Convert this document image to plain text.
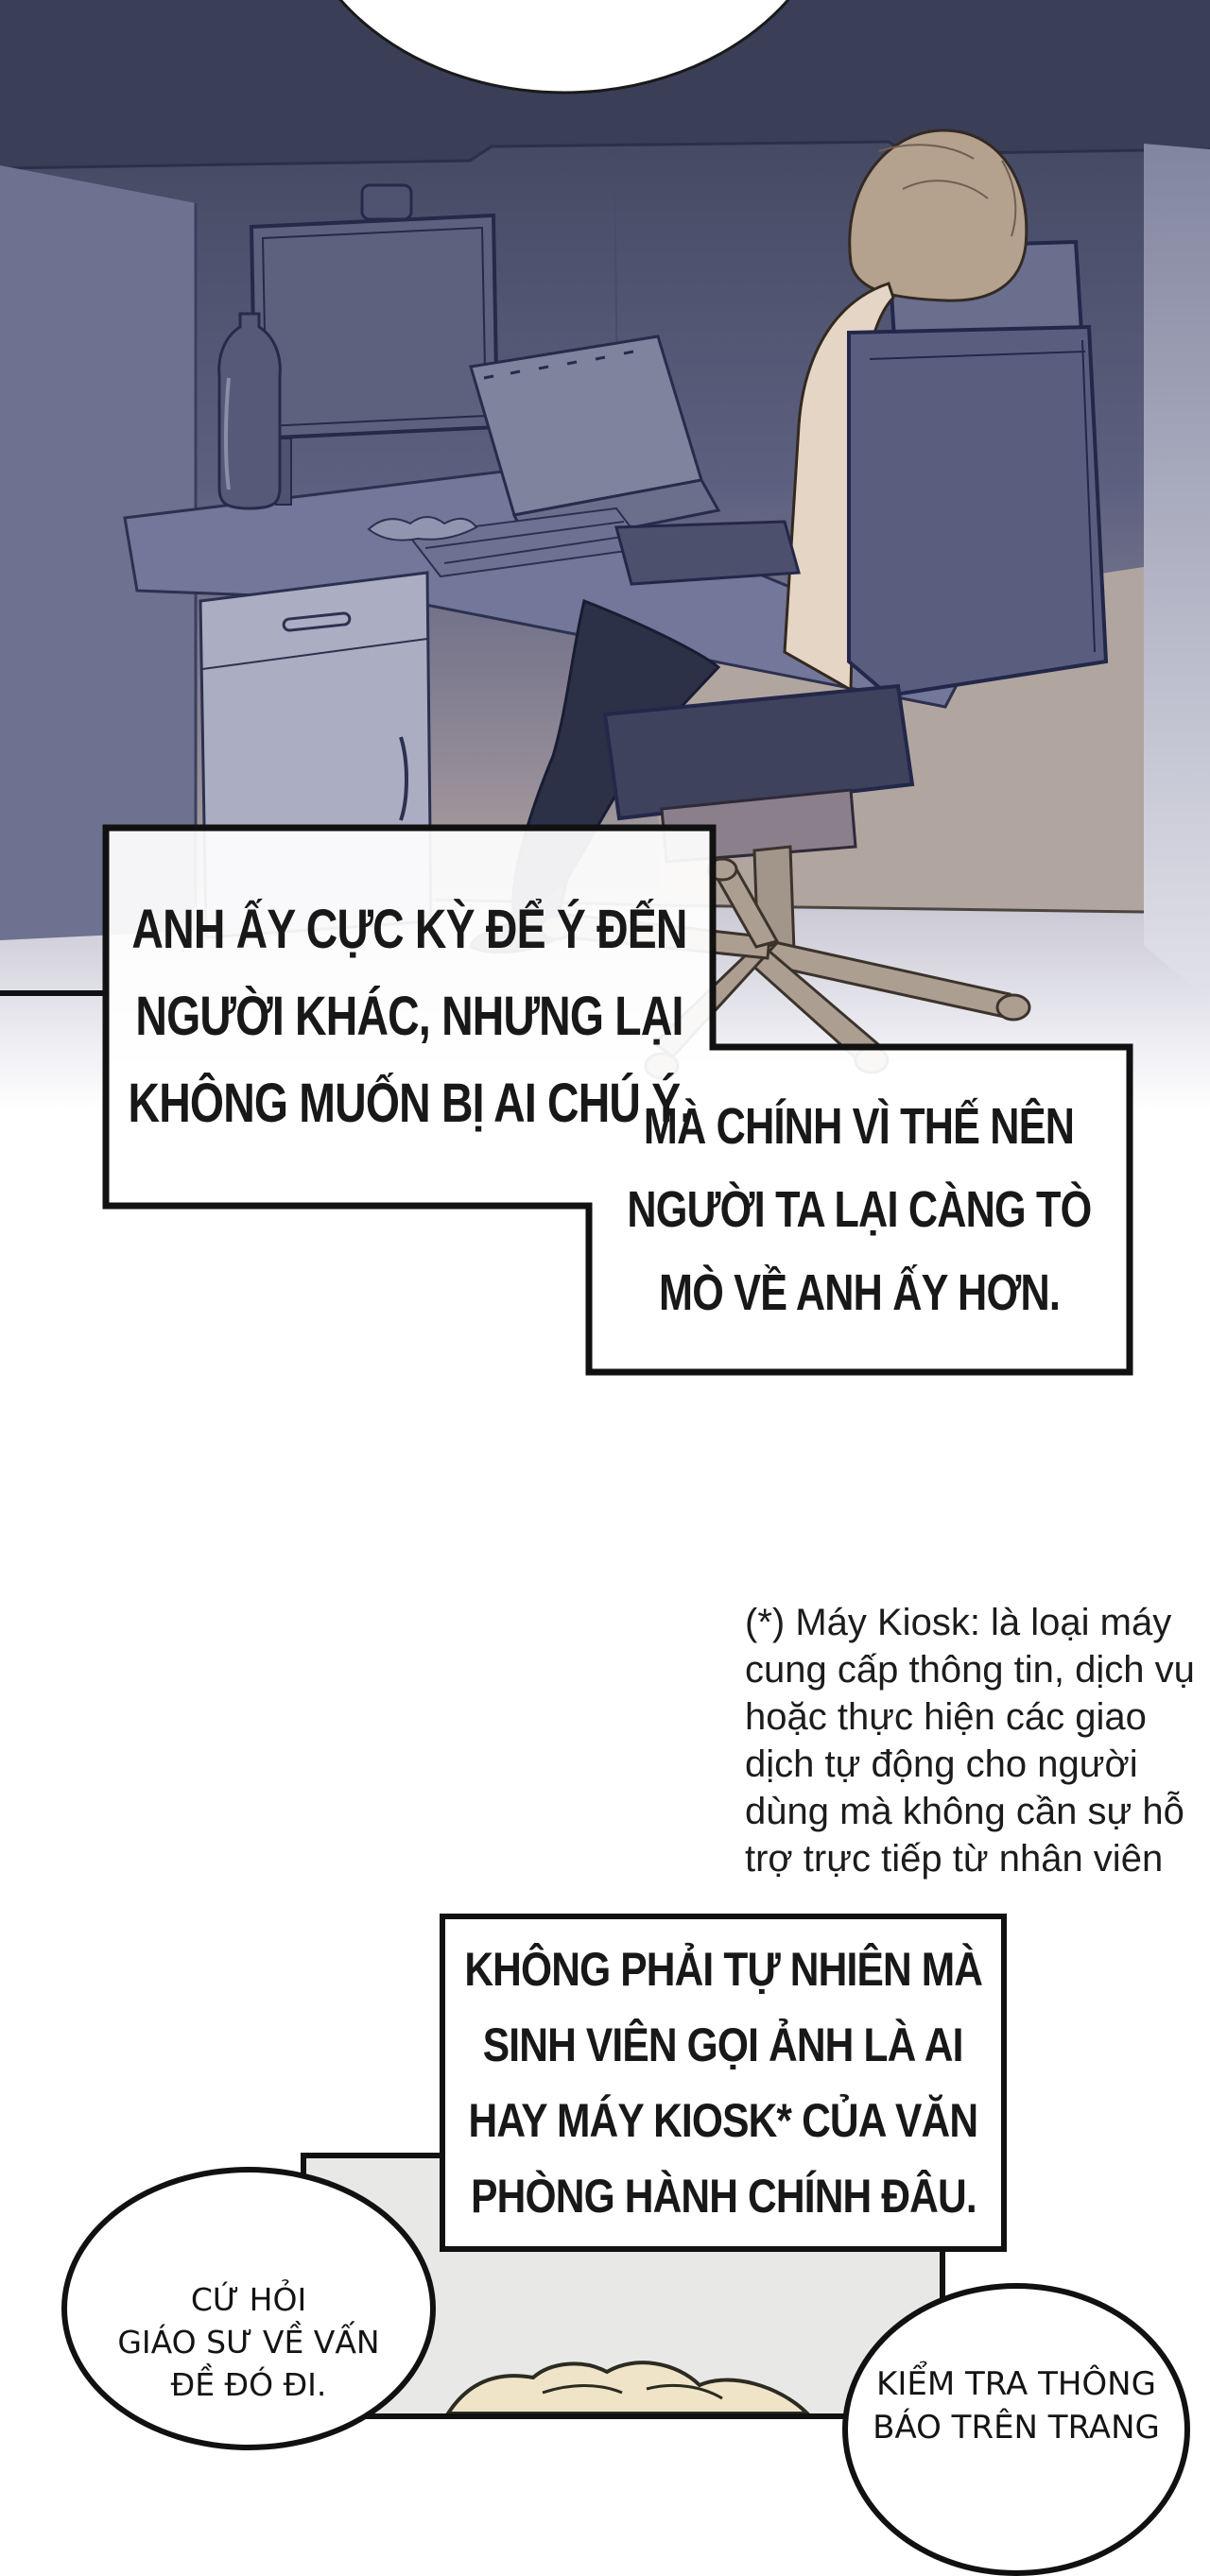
ANH ẤY CỰC KỲ ĐỂ Ý ĐẾN
NGƯỜI KHÁC, NHƯNG LẠI
KHÔNG MUỐN BỊ AI CHÚ Ý.
MÀ CHÍNH VÌ THẾ NÊN
NGƯỜI TA LẠI CÀNG TÒ
MÒ VỀ ANH ẤY HƠN.
(*) Máy Kiosk: là loại máy
cung cấp thông tin, dịch vụ
hoặc thực hiện các giao
dịch tự động cho người
dùng mà không cần sự hỗ
trợ trực tiếp từ nhân viên
KHÔNG PHẢI TỰ NHIÊN MÀ
SINH VIÊN GỌI ẢNH LÀ AI
HAY MÁY KIOSK* CỦA VĂN
PHÒNG HÀNH CHÍNH ĐÂU.
CỨ HỎI
GIÁO SƯ VỀ VẤN
ĐỀ ĐÓ ĐI.	KIỂM TRA THÔNG
BÁO TRÊN TRANG
